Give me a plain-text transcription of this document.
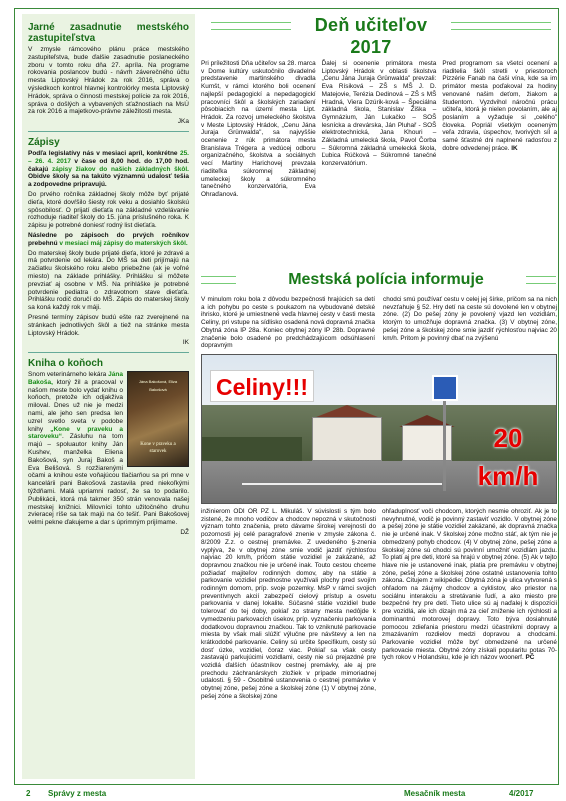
Jarné zasadnutie mestského zastupiteľstva

V zmysle rámcového plánu práce mestského zastupiteľstva, bude ďalšie zasadnutie poslaneckého zboru v tomto roku dňa 27. apríla. Na programe rokovania poslancov budú - návrh záverečného účtu mesta Liptovský Hrádok za rok 2016, správa o výsledkoch kontrol hlavnej kontrolórky mesta Liptovský Hrádok, správa o činnosti mestskej polície za rok 2016, správa o došlých a vybavených sťažnostiach na MsÚ za rok 2016 a majetkovo-právne záležitosti mesta.

JKa

Zápisy

Podľa legislatívy nás v mesiaci apríl, konkrétne 25. – 26. 4. 2017 v čase od 8,00 hod. do 17,00 hod. čakajú zápisy žiakov do našich základných škôl. Obidve školy sa na takúto významnú udalosť tešia a zodpovedne pripravujú.

Do prvého ročníka základnej školy môže byť prijaté dieťa, ktoré dovŕšilo šiesty rok veku a dosiahlo školskú spôsobilosť. O prijatí dieťaťa na základné vzdelávanie rozhoduje riaditeľ školy do 15. júna príslušného roka. K zápisu je potrebné doniesť rodný list dieťaťa.

Následne po zápisoch do prvých ročníkov prebehnú v mesiaci máj zápisy do materských škôl.

Do materskej školy bude prijaté dieťa, ktoré je zdravé a má potvrdenie od lekára. Do MŠ sa deti prijímajú na začiatku školského roku alebo priebežne (ak je voľné miesto) na základe prihlášky. Prihlášku si môžete prevziať aj osobne v MŠ. Na prihláške je potrebné potvrdenie pediatra o zdravotnom stave dieťaťa. Prihlášku rodič doručí do MŠ. Zápis do materskej školy sa koná každý rok v máji.

Presné termíny zápisov budú ešte raz zverejnené na stránkach jednotlivých škôl a tiež na stránke mesta Liptovský Hrádok.

IK

Kniha o koňoch
Jána Bakošová, Eliza Bakošová
Kone v praveku a starovek

Snom veterinárneho lekára Jána Bakoša, ktorý žil a pracoval v našom meste bolo vydať knihu o koňoch, pretože ich odjakživa miloval. Dnes už nie je medzi nami, ale jeho sen predsa len uzrel svetlo sveta v podobe knihy „Kone v praveku a staroveku“. Zásluhu na tom majú – spoluautor knihy Ján Kushev, manželka Eliena Bakošová, syn Juraj Bakoš a Eva Belišová. S rozžiarenými očami a knihou este voňajúcou tlačiarňou sa pri mne v kancelárii pani Bakošová zastavila pred niekoľkými týždňami. Malá upriamni radosť, že sa to podarilo. Publikácii, ktorá má takmer 350 strán venovala našej mestskej knižnici. Milovníci tohto užitočného druhu zvieracej ríše sa tak majú na čo tešiť. Pani Bakošovej velmi pekne ďakujeme a dar s úprimným prijímame.

DŽ

Deň učiteľov 2017
Pri príležitosti Dňa učiteľov sa 28. marca v Dome kultúry uskutočnilo divadelné predstavenie martinského divadla Kumšt, v rámci ktorého boli ocenení najlepší pedagogickí a nepedagogickí pracovníci škôl a školských zariadení pôsobiacich na území mesta Lipt. Hrádok. Za rozvoj umeleckého školstva v Meste Liptovský Hrádok, „Cenu Jána Juraja Grünwalda", sa najvyššie ocenenie z rúk primátora mesta Branislava Trégera a vedúcej odboru organizačného, školstva a sociálnych vecí Martiny Harichovej prevzala riaditeľka súkromnej základnej umeleckej školy a súkromného tanečného konzervatória, Eva Ohraďanová.
Ďalej si ocenenie primátora mesta Liptovský Hrádok v oblasti školstva „Cenu Jána Juraja Grünwalda" prevzali: Eva Rísiková – ZŠ s MŠ J. D. Matejovie, Terézia Dedinová – ZŠ s MŠ Hradná, Viera Dzúrik-ková – Špeciálna základná škola, Stanislav Žiška – Gymnázium, Ján Lukačko – SOŠ lesnícka a drevárska, Ján Pluhař - SOŠ elektrotechnická, Jana Khouri – Základná umelecká škola, Pavol Čorba – Súkromná základná umelecká škola, Ľubica Rúčková – Súkromné tanečné konzervatórium.
Pred programom sa všetci ocenení a riaditelia škôl stretli v priestoroch Pizzérie Fanab na čaši vína, kde sa im primátor mesta poďakoval za hodiny venované našim deťom, žiakom a študentom. Vyzdvihol náročnú prácu učiteľa, ktorá je nielen povolaním, ale aj poslaním a vyžaduje si „celého" človeka. Popriál všetkým oceneným veľa zdravia, úspechov, tvorivých síl a samé šťastné dni naplnené radosťou z dobre odvedenej práce. IK
Mestská polícia informuje
V minulom roku bola z dôvodu bezpečnosti hrajúcich sa detí a ich pohybu po ceste s poukazom na vybudované detské ihrisko, ktoré je umiestnené veďa hlavnej cesty v časti mesta Celiny, pri vstupe na sídlisko osadená nová dopravná značka Obytná zóna IP 28a. Koniec obytnej zóny IP 28b. Dopravné značenie bolo osadené po predchádzajúcom odsúhlasení dopravným
chodci smú používať cestu v celej jej šírke, pričom sa na nich nevzťahuje § 52. Hry detí na ceste sú dovolené len v obytnej zóne. (2) Do pešej zóny je povolený vjazd len vozidlám, ktorým to umožňuje dopravná značka. (3) V obytnej zóne, pešej zóne a školskej zóne smie jazdiť rýchlosťou najviac 20 km/h. Pritom je povinný dbať na zvýšenú
Celiny!!!
20 km/h
inžinierom ODI OR PZ L. Mikuláš. V súvislosti s tým bolo zistené, že mnoho vodičov a chodcov nepozná v skutočnosti význam tohto značenia, preto dávame širokej verejnosti do pozornosti jej celé paragrafové znenie v zmysle zákona č. 8/2009 Z.z. o cestnej premávke. Z uvedeného §-znenia vyplýva, že v obytnej zóne smie vodič jazdiť rýchlosťou najviac 20 km/h, pričom státie vozidiel je zakázané, až dopravnou značkou nie je určené inak. Touto cestou chceme požiadať majiteľov rodinných domov, aby na státie a parkovanie vozidiel prednostne využívali plochy pred svojím rodinným domom, príp. svoje pozemky. MsP v rámci svojich preventívnych akcií zabezpečí cielový prístup a osvetu parkovania v danej lokalite. Súčasné státie vozidiel bude tolerovať do tej doby, pokiaľ zo strany mesta nedôjde k vymedzeniu parkovacích úsekov, príp. vyznačeniu parkovania dodatkovou dopravnou značkou. Tak to vzniknuté parkovacie miesta by však mali slúžiť výlučne pre návštevy a len na krátkodobé parkovanie. Celiny sú určite špecifikum, cesty sú dosť úzke, vozidiel, čoraz viac. Pokiaľ sa však cesty zastavajú parkujúcimi vozidlami, cesty nie sú prejazdné pre vozidlá ďalších účastníkov cestnej premávky, ale aj pre prechodu záchranárskych zložiek v prípade mimoriadnej udalosti. § 59 - Osobitné ustanovenia o cestnej premávke v obytnej zóne, pešej zóne a školskej zóne (1) V obytnej zóne, pešej zóne a školskej zóne
ohľaduplnosť voči chodcom, ktorých nesmie ohroziť. Ak je to nevyhnutné, vodič je povinný zastaviť vozidlo. V obytnej zóne a pešej zóne je státie vozidiel zakázané, ak dopravná značka nie je určené inak. V školskej zóne možno stáť, ak tým nie je obmedzený pohyb chodcov. (4) V obytnej zóne, pešej zóne a školskej zóne sú chodci sú povinní umožniť vozidlám jazdu. To platí aj pre deti, ktoré sa hrajú v obytnej zóne. (5) Ak v tejto hlave nie je ustanovené inak, platia pre premávku v obytnej zóne, pešej zóne a školskej zóne ostatné ustanovenia tohto zákona. Citujem z wikipédie: Obytná zóna je ulica vytvorená s ohľadom na záujmy chodcov a cyklistov, ako priestor na sociálnu interakciu a stretávanie ľudí, a ako miesto pre bezpečné hry pre detí. Tieto ulice sú aj naďalej k dispozícii pre vozidlá, ale ich dizajn má za cieľ zníženie ich rýchlosti a dominantnú motorovej dopravy. Toto býva dosiahnuté pomocou zdieľania priestoru medzi účastníkmi dopravy a zmazávaním rozdielov medzi dopravou a chodcami. Parkovanie vozidiel môže byť obmedzené na určené parkovacie miesta. Obytné zóny získali popularitu potas 70-tych rokov v Holandsku, kde je ich názov woonerf. PČ
2 Správy z mesta	Mesačník mesta	4/2017
